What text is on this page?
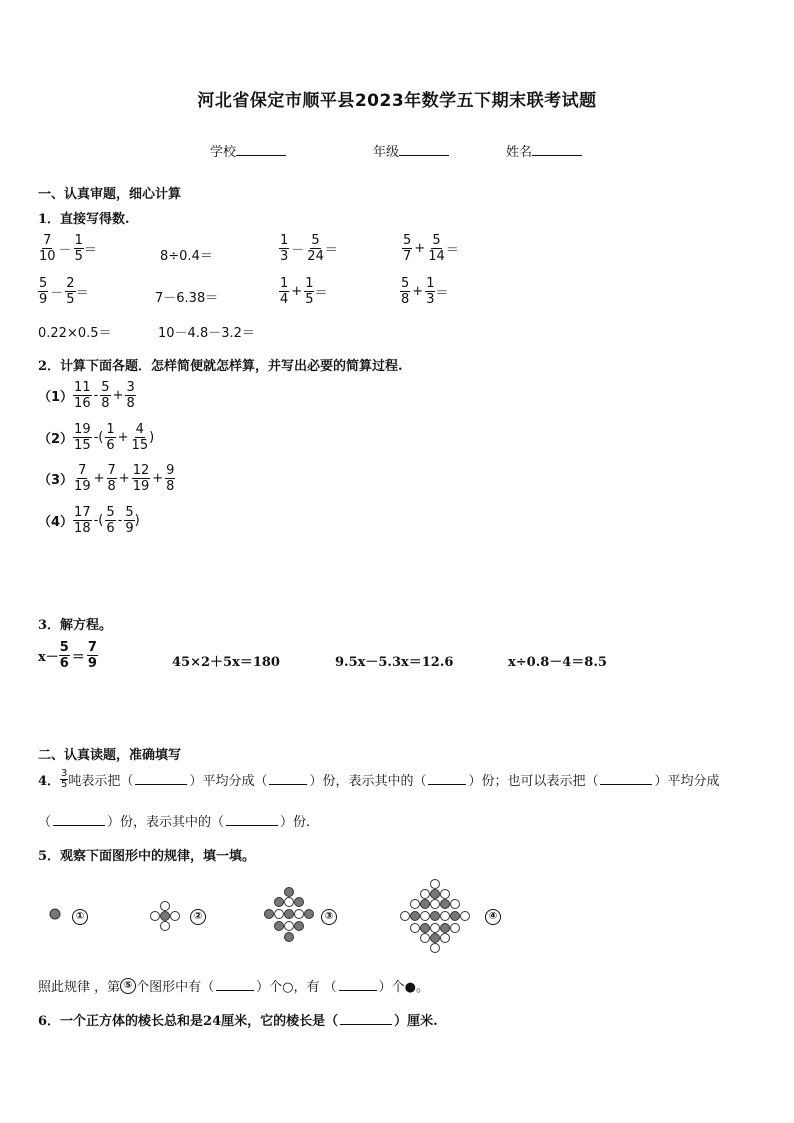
河北省保定市顺平县2023年数学五下期末联考试题
学校	年级	姓名
一、认真审题，细心计算
1．直接写得数.
$\frac{7}{10} - \frac{1}{5}$ ＝	8÷0.4＝	$\frac{1}{3} - \frac{5}{24}$ ＝	$\frac{5}{7} + \frac{5}{14}$ ＝
$\frac{5}{9} - \frac{2}{5}$ ＝	7－6.38＝	$\frac{1}{4} + \frac{1}{5}$ ＝	$\frac{5}{8} + \frac{1}{3}$ ＝
0.22×0.5＝	10－4.8－3.2＝
2．计算下面各题．怎样简便就怎样算，并写出必要的简算过程.
$(1) \frac{11}{16} - \frac{5}{8} + \frac{3}{8}$
$(2) \frac{19}{15}$ -( $\frac{1}{6} + \frac{4}{15}$ )
$(3) \frac{7}{19} + \frac{7}{8} + \frac{12}{19} + \frac{9}{8}$
$(4) \frac{17}{18}$ -( $\frac{5}{6} - \frac{5}{9}$ )
3．解方程。
$x- \frac{5}{6} = \frac{7}{9}$	45×2＋5x＝180	9.5x－5.3x＝12.6	x÷0.8－4＝8.5
二、认真读题，准确填写
4． $\frac{3}{5}$ 吨表示把（	）平均分成（	）份，表示其中的（	）份；也可以表示把（	）平均分成
（	）份，表示其中的（	）份.
5．观察下面图形中的规律，填一填。
①	②	③	④
照此规律 ，第 ⑤ 个图形中有（	）个○，有 （	）个●。
6．一个正方体的棱长总和是24厘米，它的棱长是（	）厘米.
